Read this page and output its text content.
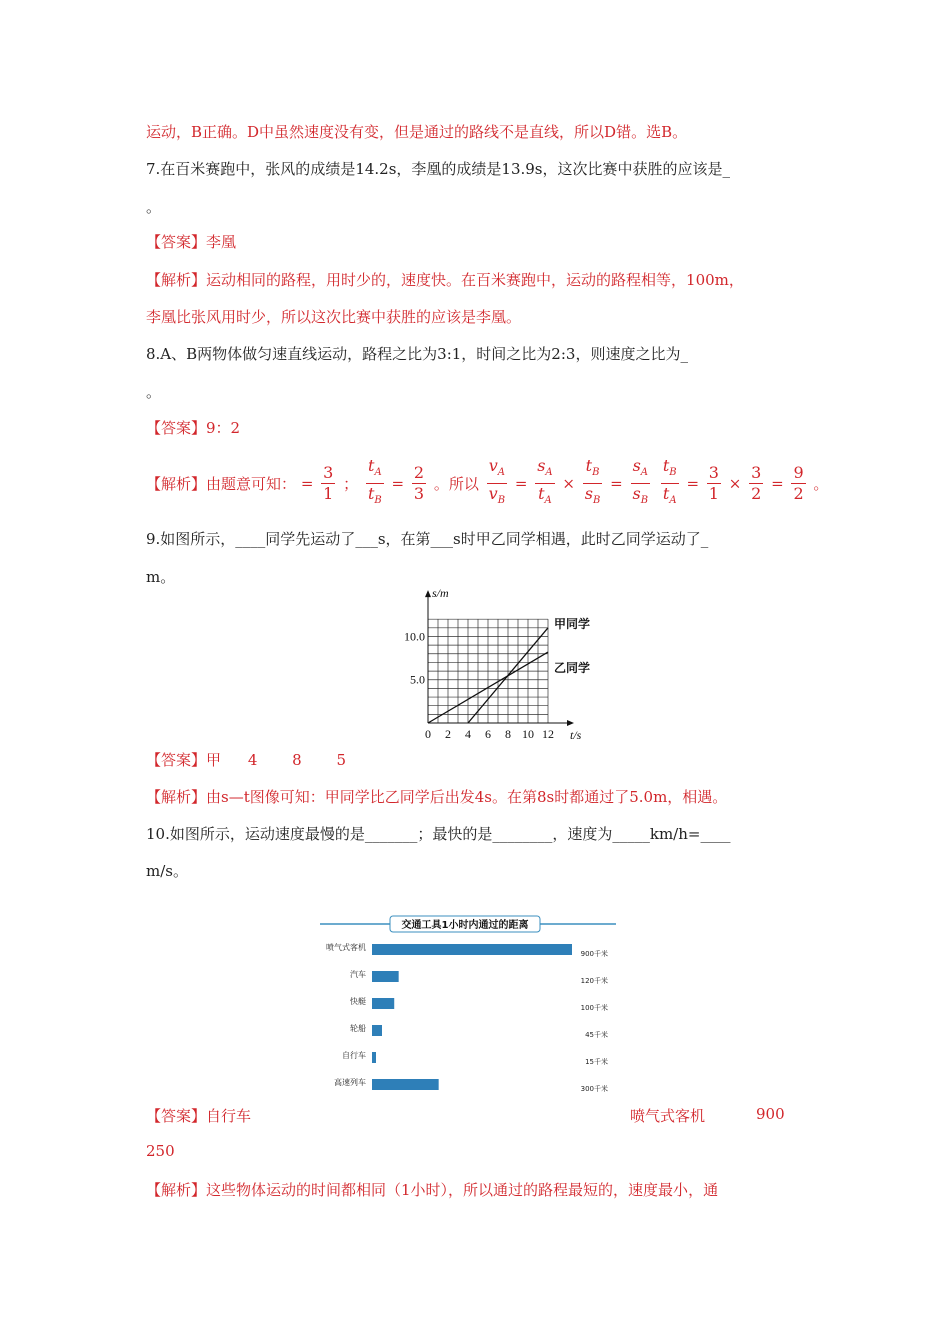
运动，B正确。D中虽然速度没有变，但是通过的路线不是直线，所以D错。选B。
7.在百米赛跑中，张风的成绩是14.2s，李凰的成绩是13.9s，这次比赛中获胜的应该是_
。
【答案】李凰
【解析】运动相同的路程，用时少的，速度快。在百米赛跑中，运动的路程相等，100m，
李凰比张风用时少，所以这次比赛中获胜的应该是李凰。
8.A、B两物体做匀速直线运动，路程之比为3:1，时间之比为2:3，则速度之比为_
。
【答案】9：2
【解析】由题意可知： = $\frac{3}{1}$ ； $\frac{t_A}{t_B} = \frac{2}{3}$ 。所以 $\frac{v_A}{v_B} = \frac{s_A}{t_A} \times \frac{t_B}{s_B} = \frac{s_A}{s_B}$
$\frac{t_B}{t_A} = \frac{3}{1} \times \frac{3}{2} = \frac{9}{2}$ 。
9.如图所示，____同学先运动了___s，在第___s时甲乙同学相遇，此时乙同学运动了_
m。
0 2 4 6 8 10 12
5.0
10.0
t/s
s/m
甲同学
乙同学
【答案】甲 4 8 5
【解析】由s—t图像可知：甲同学比乙同学后出发4s。在第8s时都通过了5.0m，相遇。
10.如图所示，运动速度最慢的是_______；最快的是________，速度为_____km/h=____
m/s。
交通工具1小时内通过的距离
喷气式客机
900千米
汽车
120千米
快艇
100千米
轮船
45千米
自行车
15千米
高速列车
300千米
【答案】自行车	喷气式客机	900
250
【解析】这些物体运动的时间都相同（1小时），所以通过的路程最短的，速度最小，通
